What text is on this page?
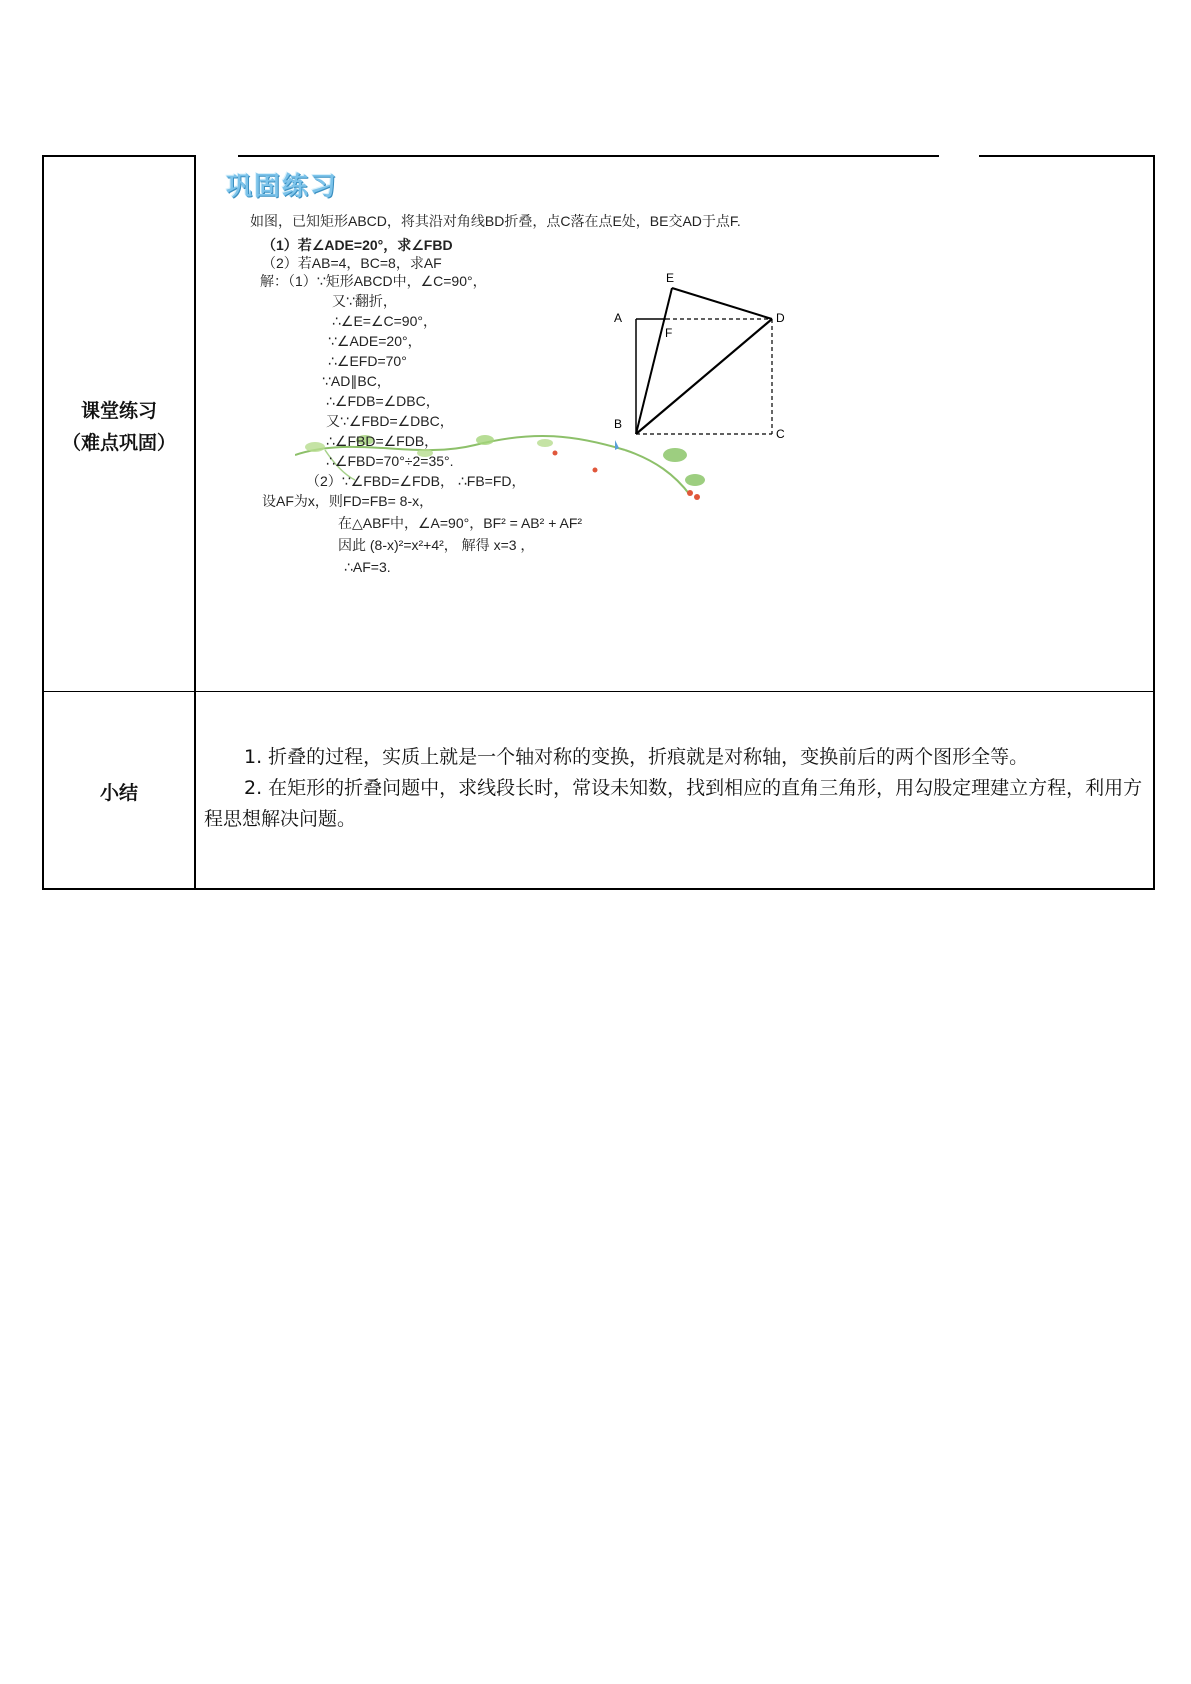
课堂练习
（难点巩固）
小结
巩固练习
如图，已知矩形ABCD，将其沿对角线BD折叠，点C落在点E处，BE交AD于点F.
（1）若∠ADE=20°，求∠FBD
（2）若AB=4，BC=8，求AF
解：（1）∵矩形ABCD中，∠C=90°，
又∵翻折，
∴∠E=∠C=90°，
∵∠ADE=20°，
∴∠EFD=70°
∵AD∥BC，
∴∠FDB=∠DBC，
又∵∠FBD=∠DBC，
∴∠FBD=∠FDB，
∴∠FBD=70°÷2=35°.
（2）∵∠FBD=∠FDB， ∴FB=FD，
设AF为x，则FD=FB= 8-x，
在△ABF中，∠A=90°，BF² = AB² + AF²
因此 (8-x)²=x²+4²， 解得 x=3 ，
∴AF=3.
A
F
E
D
B
C

1. 折叠的过程，实质上就是一个轴对称的变换，折痕就是对称轴，变换前后的两个图形全等。

2. 在矩形的折叠问题中，求线段长时，常设未知数，找到相应的直角三角形，用勾股定理建立方程，利用方程思想解决问题。
